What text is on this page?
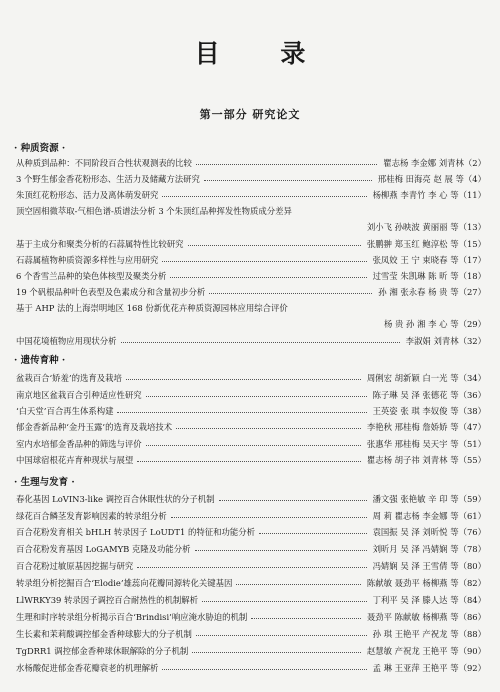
目 录
第一部分 研究论文
· 种质资源 ·
· 遗传育种 ·
· 生理与发育 ·
从种质到品种：不同阶段百合性状观测表的比较	瞿志杨 李金娜 刘青林（2）
3 个野生郁金香花粉形态、生活力及储藏方法研究	邢桂梅 田海亮 赵 展 等（4）
朱顶红花粉形态、活力及离体萌发研究	杨柳燕 李青竹 李 心 等（11）
顶空固相微萃取-气相色谱-质谱法分析 3 个朱顶红品种挥发性物质成分差异
刘小飞 孙映波 黄丽丽 等（13）
基于主成分和聚类分析的石蒜属特性比较研究	张鹏翀 郑玉红 鲍淳松 等（15）
石蒜属植物种质资源多样性与应用研究	张凤姣 王 宁 束晓春 等（17）
6 个香雪兰品种的染色体核型及聚类分析	过雪莹 朱凯琳 陈 昕 等（18）
19 个矾根品种叶色表型及色素成分和含量初步分析	孙 湘 张永春 杨 贵 等（27）
基于 AHP 法的上海崇明地区 168 份新优花卉种质资源园林应用综合评价
杨 贵 孙 湘 李 心 等（29）
中国花境植物应用现状分析	李淑娟 刘青林（32）
盆栽百合‘娇羞’的选育及栽培	周俐宏 胡新颖 白一光 等（34）
南京地区盆栽百合引种适应性研究	陈子琳 吴 泽 张德花 等（36）
‘白天堂’百合再生体系构建	王英姿 张 琪 李奴俊 等（38）
郁金香新品种‘金丹玉露’的选育及栽培技术	李艳秋 邢桂梅 詹娇娇 等（47）
室内水培郁金香品种的筛选与评价	张惠华 邢桂梅 吴天宇 等（51）
中国球宿根花卉育种现状与展望	瞿志杨 胡子祎 刘青林 等（55）
春化基因 LoVIN3-like 调控百合休眠性状的分子机制	潘文强 张艳敏 辛 印 等（59）
绿花百合鳞茎发育影响因素的转录组分析	周 莉 瞿志杨 李金娜 等（61）
百合花粉发育相关 bHLH 转录因子 LoUDT1 的特征和功能分析	袁国振 吴 泽 刘昕悦 等（76）
百合花粉发育基因 LoGAMYB 克隆及功能分析	刘昕月 吴 泽 冯婧娴 等（78）
百合花粉过敏原基因挖掘与研究	冯婧娴 吴 泽 王雪倩 等（80）
转录组分析挖掘百合‘Elodie’雄蕊向花瓣同源转化关键基因	陈献敏 聂劲平 杨柳燕 等（82）
LlWRKY39 转录因子调控百合耐热性的机制解析	丁利平 吴 泽 滕人达 等（84）
生理和时序转录组分析揭示百合‘Brindisi’响应淹水胁迫的机制	聂劲平 陈献敏 杨柳燕 等（86）
生长素和茉莉酸调控郁金香种球膨大的分子机制	孙 琪 王艳平 产祝龙 等（88）
TgDRR1 调控郁金香种球休眠解除的分子机制	赵慧敏 产祝龙 王艳平 等（90）
水杨酸促进郁金香花瓣衰老的机理解析	孟 琳 王亚萍 王艳平 等（92）
